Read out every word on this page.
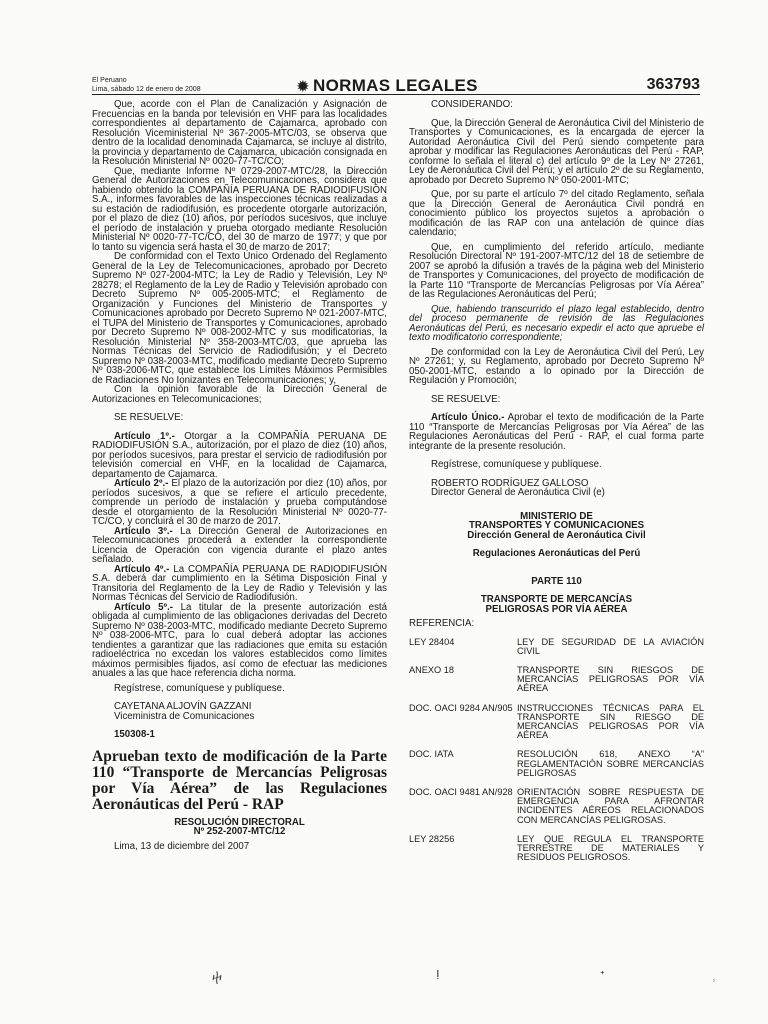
El Peruano
Lima, sábado 12 de enero de 2008	✹ NORMAS LEGALES	363793

Que, acorde con el Plan de Canalización y Asignación de Frecuencias en la banda por televisión en VHF para las localidades correspondientes al departamento de Cajamarca, aprobado con Resolución Viceministerial Nº 367-2005-MTC/03, se observa que dentro de la localidad denominada Cajamarca, se incluye al distrito, la provincia y departamento de Cajamarca, ubicación consignada en la Resolución Ministerial Nº 0020-77-TC/CO;

Que, mediante Informe Nº 0729-2007-MTC/28, la Dirección General de Autorizaciones en Telecomunicaciones, considera que habiendo obtenido la COMPAÑÍA PERUANA DE RADIODIFUSIÓN S.A., informes favorables de las inspecciones técnicas realizadas a su estación de radiodifusión, es procedente otorgarle autorización, por el plazo de diez (10) años, por períodos sucesivos, que incluye el período de instalación y prueba otorgado mediante Resolución Ministerial Nº 0020-77-TC/CO, del 30 de marzo de 1977; y que por lo tanto su vigencia será hasta el 30 de marzo de 2017;

De conformidad con el Texto Único Ordenado del Reglamento General de la Ley de Telecomunicaciones, aprobado por Decreto Supremo Nº 027-2004-MTC; la Ley de Radio y Televisión, Ley Nº 28278; el Reglamento de la Ley de Radio y Televisión aprobado con Decreto Supremo Nº 005-2005-MTC; el Reglamento de Organización y Funciones del Ministerio de Transportes y Comunicaciones aprobado por Decreto Supremo Nº 021-2007-MTC, el TUPA del Ministerio de Transportes y Comunicaciones, aprobado por Decreto Supremo Nº 008-2002-MTC y sus modificatorias, la Resolución Ministerial Nº 358-2003-MTC/03, que aprueba las Normas Técnicas del Servicio de Radiodifusión; y el Decreto Supremo Nº 038-2003-MTC, modificado mediante Decreto Supremo Nº 038-2006-MTC, que establece los Límites Máximos Permisibles de Radiaciones No Ionizantes en Telecomunicaciones; y,

Con la opinión favorable de la Dirección General de Autorizaciones en Telecomunicaciones;

SE RESUELVE:

Artículo 1º.- Otorgar a la COMPAÑÍA PERUANA DE RADIODIFUSIÓN S.A., autorización, por el plazo de diez (10) años, por períodos sucesivos, para prestar el servicio de radiodifusión por televisión comercial en VHF, en la localidad de Cajamarca, departamento de Cajamarca.

Artículo 2º.- El plazo de la autorización por diez (10) años, por períodos sucesivos, a que se refiere el artículo precedente, comprende un período de instalación y prueba computándose desde el otorgamiento de la Resolución Ministerial Nº 0020-77-TC/CO, y concluirá el 30 de marzo de 2017.

Artículo 3º.- La Dirección General de Autorizaciones en Telecomunicaciones procederá a extender la correspondiente Licencia de Operación con vigencia durante el plazo antes señalado.

Artículo 4º.- La COMPAÑÍA PERUANA DE RADIODIFUSIÓN S.A. deberá dar cumplimiento en la Sétima Disposición Final y Transitoria del Reglamento de la Ley de Radio y Televisión y las Normas Técnicas del Servicio de Radiodifusión.

Artículo 5º.- La titular de la presente autorización está obligada al cumplimiento de las obligaciones derivadas del Decreto Supremo Nº 038-2003-MTC, modificado mediante Decreto Supremo Nº 038-2006-MTC, para lo cual deberá adoptar las acciones tendientes a garantizar que las radiaciones que emita su estación radioeléctrica no excedan los valores establecidos como límites máximos permisibles fijados, así como de efectuar las mediciones anuales a las que hace referencia dicha norma.

Regístrese, comuníquese y publíquese.

CAYETANA ALJOVÍN GAZZANI

Viceministra de Comunicaciones

150308-1

Aprueban texto de modificación de la Parte 110 “Transporte de Mercancías Peligrosas por Vía Aérea” de las Regulaciones Aeronáuticas del Perú - RAP

RESOLUCIÓN DIRECTORAL

Nº 252-2007-MTC/12

Lima, 13 de diciembre del 2007

CONSIDERANDO:

Que, la Dirección General de Aeronáutica Civil del Ministerio de Transportes y Comunicaciones, es la encargada de ejercer la Autoridad Aeronáutica Civil del Perú siendo competente para aprobar y modificar las Regulaciones Aeronáuticas del Perú - RAP, conforme lo señala el literal c) del artículo 9º de la Ley Nº 27261, Ley de Aeronáutica Civil del Perú; y el artículo 2º de su Reglamento, aprobado por Decreto Supremo Nº 050-2001-MTC;

Que, por su parte el artículo 7º del citado Reglamento, señala que la Dirección General de Aeronáutica Civil pondrá en conocimiento público los proyectos sujetos a aprobación o modificación de las RAP con una antelación de quince días calendario;

Que, en cumplimiento del referido artículo, mediante Resolución Directoral Nº 191-2007-MTC/12 del 18 de setiembre de 2007 se aprobó la difusión a través de la página web del Ministerio de Transportes y Comunicaciones, del proyecto de modificación de la Parte 110 “Transporte de Mercancías Peligrosas por Vía Aérea” de las Regulaciones Aeronáuticas del Perú;

Que, habiendo transcurrido el plazo legal establecido, dentro del proceso permanente de revisión de las Regulaciones Aeronáuticas del Perú, es necesario expedir el acto que apruebe el texto modificatorio correspondiente;

De conformidad con la Ley de Aeronáutica Civil del Perú, Ley Nº 27261; y, su Reglamento, aprobado por Decreto Supremo Nº 050-2001-MTC, estando a lo opinado por la Dirección de Regulación y Promoción;

SE RESUELVE:

Artículo Único.- Aprobar el texto de modificación de la Parte 110 “Transporte de Mercancías Peligrosas por Vía Aérea” de las Regulaciones Aeronáuticas del Perú - RAP, el cual forma parte integrante de la presente resolución.

Regístrese, comuníquese y publíquese.

ROBERTO RODRÍGUEZ GALLOSO

Director General de Aeronáutica Civil (e)

MINISTERIO DE

TRANSPORTES Y COMUNICACIONES

Dirección General de Aeronáutica Civil

Regulaciones Aeronáuticas del Perú

PARTE 110

TRANSPORTE DE MERCANCÍAS

PELIGROSAS POR VÍA AÉREA

REFERENCIA:

LEY 28404	LEY DE SEGURIDAD DE LA AVIACIÓN CIVIL
ANEXO 18	TRANSPORTE SIN RIESGOS DE MERCANCÍAS PELIGROSAS POR VÍA AÉREA
DOC. OACI 9284 AN/905	INSTRUCCIONES TÉCNICAS PARA EL TRANSPORTE SIN RIESGO DE MERCANCÍAS PELIGROSAS POR VÍA AÉREA
DOC. IATA	RESOLUCIÓN 618, ANEXO “A” REGLAMENTACIÓN SOBRE MERCANCÍAS PELIGROSAS
DOC. OACI 9481 AN/928	ORIENTACIÓN SOBRE RESPUESTA DE EMERGENCIA PARA AFRONTAR INCIDENTES AÉREOS RELACIONADOS CON MERCANCÍAS PELIGROSAS.
LEY 28256	LEY QUE REGULA EL TRANSPORTE TERRESTRE DE MATERIALES Y RESIDUOS PELIGROSOS.
ⴕ	ⵑ	ᐩ	⸒
